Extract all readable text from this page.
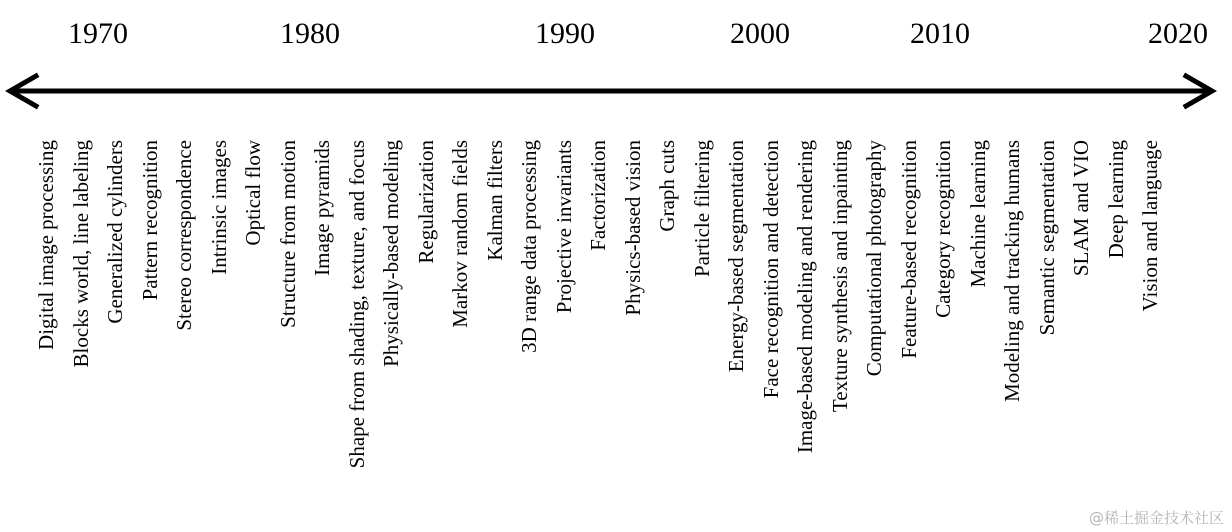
1970	1980	1990	2000	2010	2020
Digital image processing Blocks world, line labeling Generalized cylinders Pattern recognition Stereo correspondence Intrinsic images Optical flow Structure from motion Image pyramids Shape from shading, texture, and focus Physically-based modeling Regularization Markov random fields Kalman filters 3D range data processing Projective invariants Factorization Physics-based vision Graph cuts Particle filtering Energy-based segmentation Face recognition and detection Image-based modeling and rendering Texture synthesis and inpainting Computational photography Feature-based recognition Category recognition Machine learning Modeling and tracking humans Semantic segmentation SLAM and VIO Deep learning Vision and language
@稀土掘金技术社区
